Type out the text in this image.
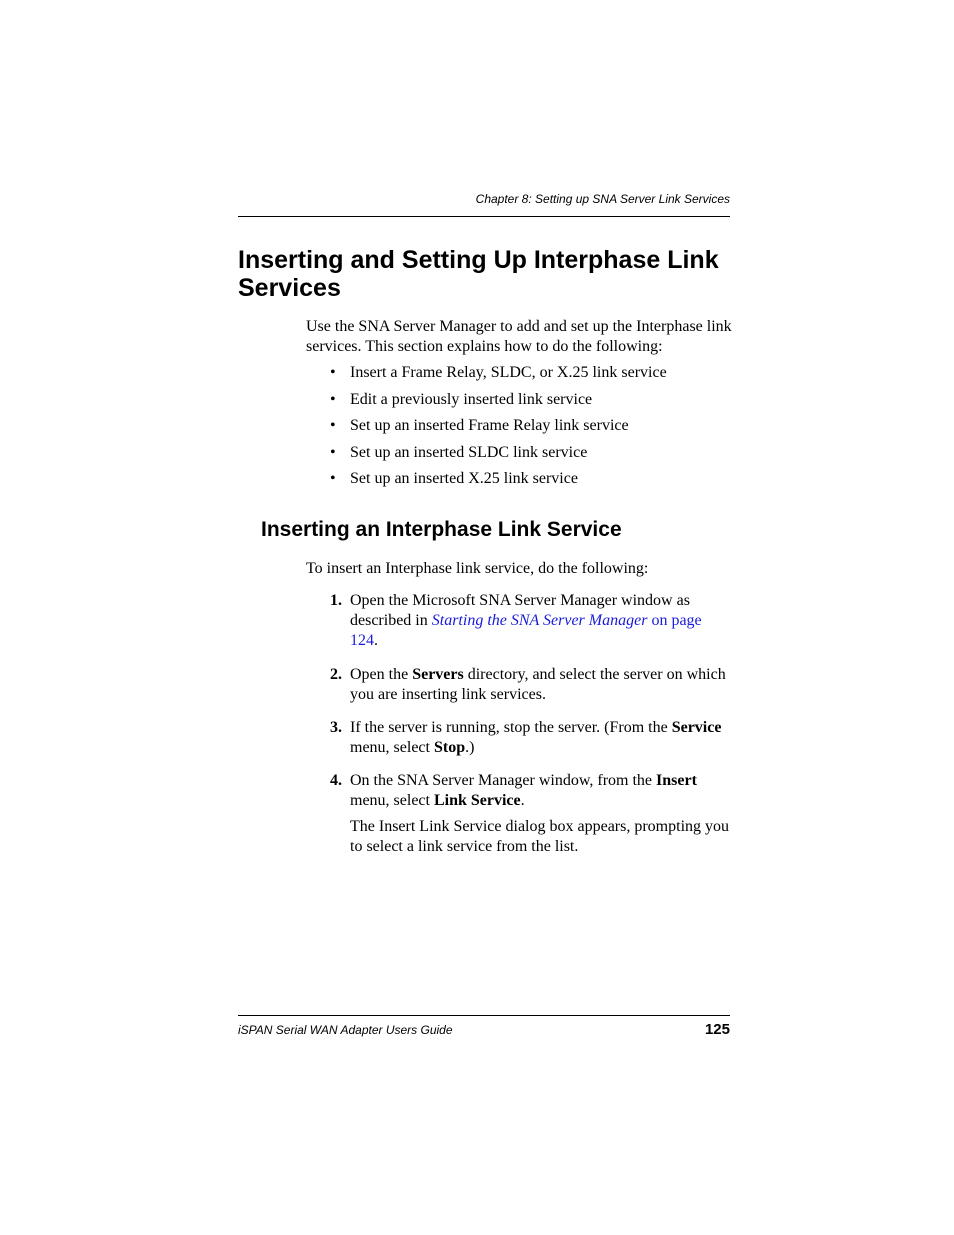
Chapter 8: Setting up SNA Server Link Services
Inserting and Setting Up Interphase Link Services

Use the SNA Server Manager to add and set up the Interphase link services. This section explains how to do the following:

• Insert a Frame Relay, SLDC, or X.25 link service
• Edit a previously inserted link service
• Set up an inserted Frame Relay link service
• Set up an inserted SLDC link service
• Set up an inserted X.25 link service
Inserting an Interphase Link Service

To insert an Interphase link service, do the following:

1. Open the Microsoft SNA Server Manager window as described in Starting the SNA Server Manager on page 124.
2. Open the Servers directory, and select the server on which you are inserting link services.
3. If the server is running, stop the server. (From the Service menu, select Stop.)
4. On the SNA Server Manager window, from the Insert menu, select Link Service.
The Insert Link Service dialog box appears, prompting you to select a link service from the list.
iSPAN Serial WAN Adapter Users Guide	125
